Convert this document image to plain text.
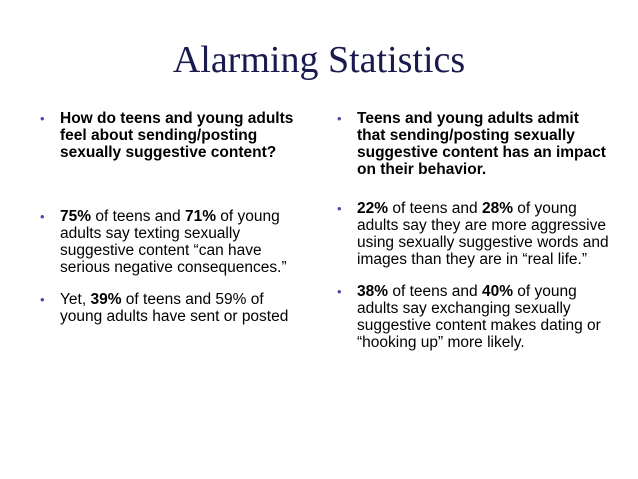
Alarming Statistics
• How do teens and young adults feel about sending/posting sexually suggestive content?
• 75% of teens and 71% of young adults say texting sexually suggestive content “can have serious negative consequences.”
• Yet, 39% of teens and 59% of young adults have sent or posted
• Teens and young adults admit that sending/posting sexually suggestive content has an impact on their behavior.
• 22% of teens and 28% of young adults say they are more aggressive using sexually suggestive words and images than they are in “real life.”
• 38% of teens and 40% of young adults say exchanging sexually suggestive content makes dating or “hooking up” more likely.
